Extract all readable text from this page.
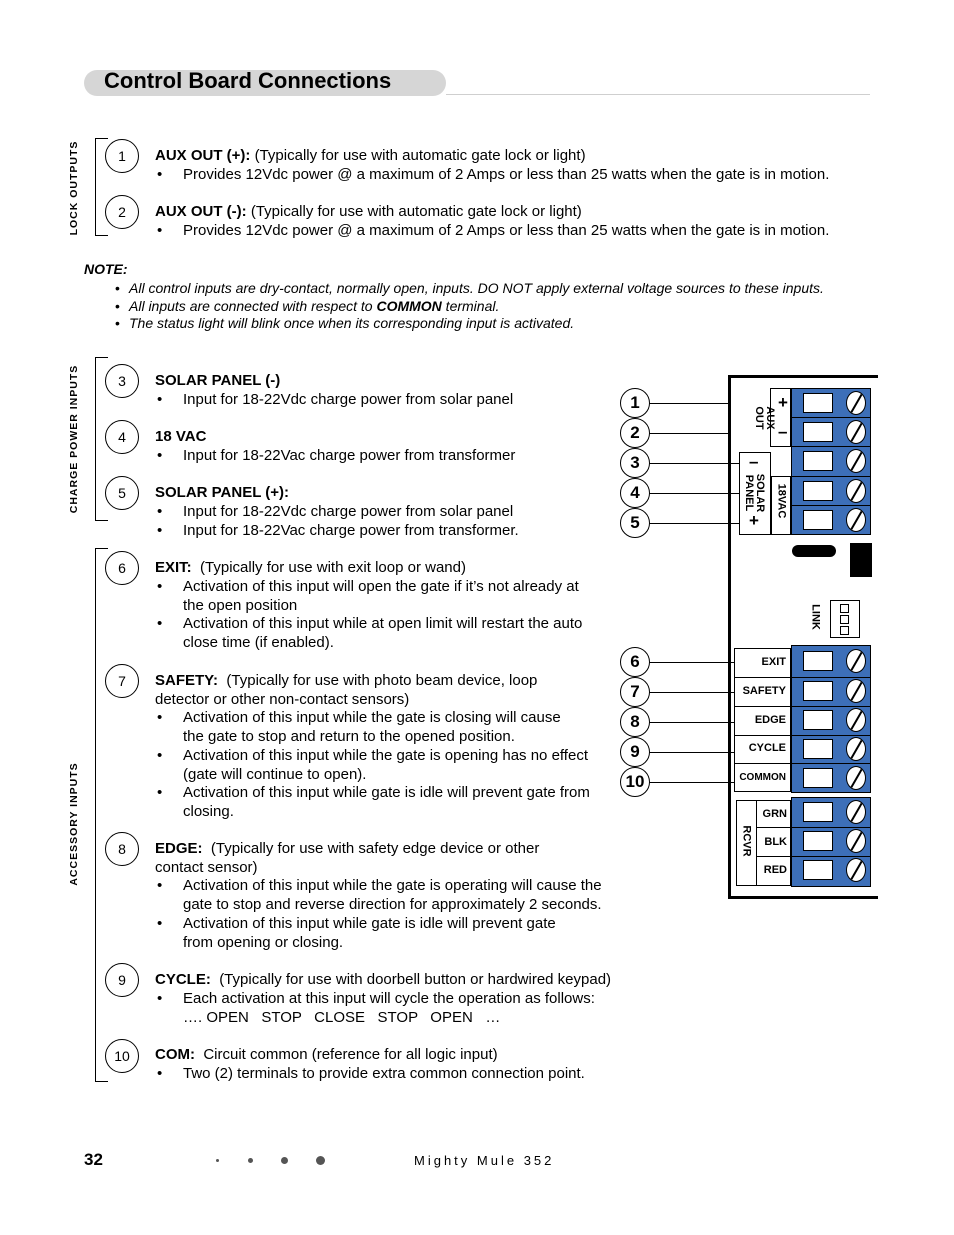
Control Board Connections
LOCK OUTPUTS
CHARGE POWER INPUTS
ACCESSORY INPUTS
1 AUX OUT (+): (Typically for use with automatic gate lock or light)
• Provides 12Vdc power @ a maximum of 2 Amps or less than 25 watts when the gate is in motion.
2 AUX OUT (-): (Typically for use with automatic gate lock or light)
• Provides 12Vdc power @ a maximum of 2 Amps or less than 25 watts when the gate is in motion.
NOTE:
• All control inputs are dry-contact, normally open, inputs. DO NOT apply external voltage sources to these inputs.
• All inputs are connected with respect to COMMON terminal.
• The status light will blink once when its corresponding input is activated.
3 SOLAR PANEL (-)
• Input for 18-22Vdc charge power from solar panel
4 18 VAC
• Input for 18-22Vac charge power from transformer
5 SOLAR PANEL (+):
• Input for 18-22Vdc charge power from solar panel
• Input for 18-22Vac charge power from transformer.
6 EXIT: (Typically for use with exit loop or wand)
• Activation of this input will open the gate if it’s not already at
the open position
• Activation of this input while at open limit will restart the auto
close time (if enabled).
7 SAFETY: (Typically for use with photo beam device, loop
detector or other non-contact sensors)
• Activation of this input while the gate is closing will cause
the gate to stop and return to the opened position.
• Activation of this input while the gate is opening has no effect
(gate will continue to open).
• Activation of this input while gate is idle will prevent gate from
closing.
8 EDGE: (Typically for use with safety edge device or other
contact sensor)
• Activation of this input while the gate is operating will cause the
gate to stop and reverse direction for approximately 2 seconds.
• Activation of this input while gate is idle will prevent gate
from opening or closing.
9 CYCLE: (Typically for use with doorbell button or hardwired keypad)
• Each activation at this input will cycle the operation as follows:
…. OPEN   STOP   CLOSE   STOP   OPEN   …
10 COM: Circuit common (reference for all logic input)
• Two (2) terminals to provide extra common connection point.
AUX OUT
+
–
SOLAR PANEL
–
+
18VAC
LINK
EXIT
SAFETY
EDGE
CYCLE
COMMON
RCVR
GRN
BLK
RED
1
2
3
4
5
6
7
8
9
10
32	Mighty Mule 352
